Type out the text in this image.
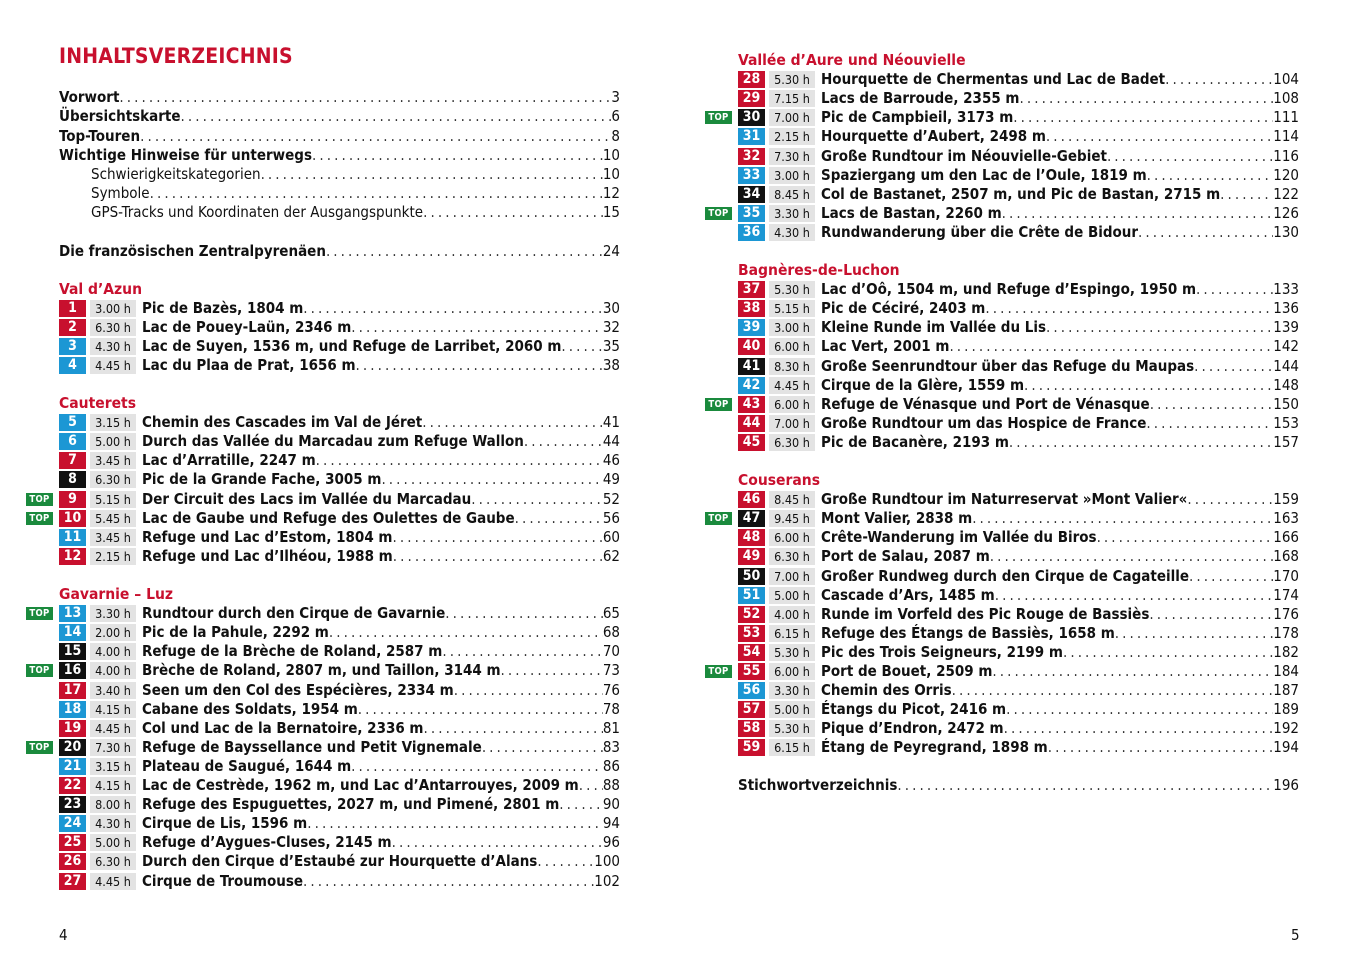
INHALTSVERZEICHNIS
Vorwort . . .	3
Übersichtskarte . . .	6
Top-Touren . . .	8
Wichtige Hinweise für unterwegs . . .	10
Schwierigkeitskategorien . . .	10
Symbole . . .	12
GPS-Tracks und Koordinaten der Ausgangspunkte . . .	15
Die französischen Zentralpyrenäen . . .	24
Val d’Azun
1	3.00 h Pic de Bazès, 1804 m . . .	30
2	6.30 h Lac de Pouey-Laün, 2346 m . . .	32
3	4.30 h Lac de Suyen, 1536 m, und Refuge de Larribet, 2060 m . . .	35
4	4.45 h Lac du Plaa de Prat, 1656 m . . .	38
Cauterets
5	3.15 h Chemin des Cascades im Val de Jéret . . .	41
6	5.00 h Durch das Vallée du Marcadau zum Refuge Wallon . . .	44
7	3.45 h Lac d’Arratille, 2247 m . . .	46
8	6.30 h Pic de la Grande Fache, 3005 m . . .	49
TOP	9	5.15 h Der Circuit des Lacs im Vallée du Marcadau . . .	52
TOP	10	5.45 h Lac de Gaube und Refuge des Oulettes de Gaube . . .	56
11	3.45 h Refuge und Lac d’Estom, 1804 m . . .	60
12	2.15 h Refuge und Lac d’Ilhéou, 1988 m . . .	62
Gavarnie – Luz
TOP	13	3.30 h Rundtour durch den Cirque de Gavarnie . . .	65
14	2.00 h Pic de la Pahule, 2292 m . . .	68
15	4.00 h Refuge de la Brèche de Roland, 2587 m . . .	70
TOP	16	4.00 h Brèche de Roland, 2807 m, und Taillon, 3144 m . . .	73
17	3.40 h Seen um den Col des Espécières, 2334 m . . .	76
18	4.15 h Cabane des Soldats, 1954 m . . .	78
19	4.45 h Col und Lac de la Bernatoire, 2336 m . . .	81
TOP	20	7.30 h Refuge de Bayssellance und Petit Vignemale . . .	83
21	3.15 h Plateau de Saugué, 1644 m . . .	86
22	4.15 h Lac de Cestrède, 1962 m, und Lac d’Antarrouyes, 2009 m . . . 88
23	8.00 h Refuge des Espuguettes, 2027 m, und Pimené, 2801 m . . .	90
24	4.30 h Cirque de Lis, 1596 m . . .	94
25	5.00 h Refuge d’Aygues-Cluses, 2145 m . . .	96
26	6.30 h Durch den Cirque d’Estaubé zur Hourquette d’Alans . . .	100
27	4.45 h Cirque de Troumouse . . .	102
4
Vallée d’Aure und Néouvielle
28	5.30 h Hourquette de Chermentas und Lac de Badet . . .	104
29	7.15 h Lacs de Barroude, 2355 m . . .	108
TOP	30	7.00 h Pic de Campbieil, 3173 m . . .	111
31	2.15 h Hourquette d’Aubert, 2498 m . . .	114
32	7.30 h Große Rundtour im Néouvielle-Gebiet . . .	116
33	3.00 h Spaziergang um den Lac de l’Oule, 1819 m . . .	120
34	8.45 h Col de Bastanet, 2507 m, und Pic de Bastan, 2715 m . . .	122
TOP	35	3.30 h Lacs de Bastan, 2260 m . . .	126
36	4.30 h Rundwanderung über die Crête de Bidour . . .	130
Bagnères-de-Luchon
37	5.30 h Lac d’Oô, 1504 m, und Refuge d’Espingo, 1950 m . . .	133
38	5.15 h Pic de Céciré, 2403 m . . .	136
39	3.00 h Kleine Runde im Vallée du Lis . . .	139
40	6.00 h Lac Vert, 2001 m . . .	142
41	8.30 h Große Seenrundtour über das Refuge du Maupas . . .	144
42	4.45 h Cirque de la Glère, 1559 m . . .	148
TOP	43	6.00 h Refuge de Vénasque und Port de Vénasque . . .	150
44	7.00 h Große Rundtour um das Hospice de France . . .	153
45	6.30 h Pic de Bacanère, 2193 m . . .	157
Couserans
46	8.45 h Große Rundtour im Naturreservat »Mont Valier« . . .	159
TOP	47	9.45 h Mont Valier, 2838 m . . .	163
48	6.00 h Crête-Wanderung im Vallée du Biros . . .	166
49	6.30 h Port de Salau, 2087 m . . .	168
50	7.00 h Großer Rundweg durch den Cirque de Cagateille . . .	170
51	5.00 h Cascade d’Ars, 1485 m . . .	174
52	4.00 h Runde im Vorfeld des Pic Rouge de Bassiès . . .	176
53	6.15 h Refuge des Étangs de Bassiès, 1658 m . . .	178
54	5.30 h Pic des Trois Seigneurs, 2199 m . . .	182
TOP	55	6.00 h Port de Bouet, 2509 m . . .	184
56	3.30 h Chemin des Orris . . .	187
57	5.00 h Étangs du Picot, 2416 m . . .	189
58	5.30 h Pique d’Endron, 2472 m . . .	192
59	6.15 h Étang de Peyregrand, 1898 m . . .	194
Stichwortverzeichnis . . .	196
5
